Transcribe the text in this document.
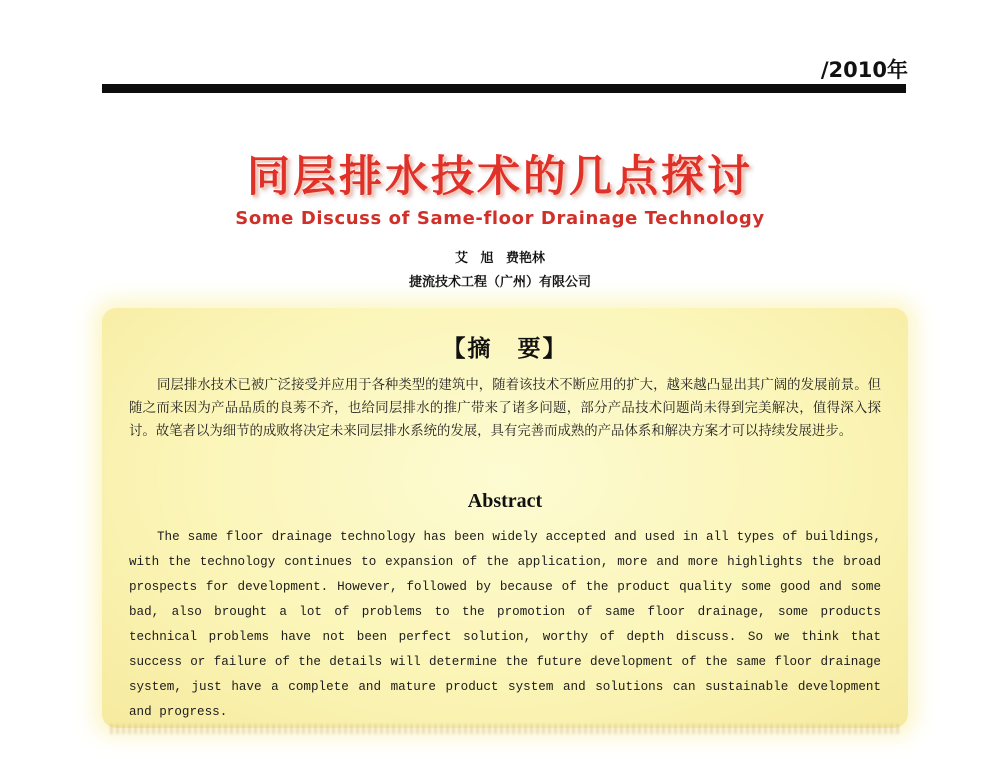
/2010年
同层排水技术的几点探讨
Some Discuss of Same-floor Drainage Technology
艾 旭 费艳林
捷流技术工程（广州）有限公司
【摘　要】

同层排水技术已被广泛接受并应用于各种类型的建筑中，随着该技术不断应用的扩大，越来越凸显出其广阔的发展前景。但随之而来因为产品品质的良莠不齐，也给同层排水的推广带来了诸多问题，部分产品技术问题尚未得到完美解决，值得深入探讨。故笔者以为细节的成败将决定未来同层排水系统的发展，具有完善而成熟的产品体系和解决方案才可以持续发展进步。

Abstract

The same floor drainage technology has been widely accepted and used in all types of buildings, with the technology continues to expansion of the application, more and more highlights the broad prospects for development. However, followed by because of the product quality some good and some bad, also brought a lot of problems to the promotion of same floor drainage, some products technical problems have not been perfect solution, worthy of depth discuss. So we think that success or failure of the details will determine the future development of the same floor drainage system, just have a complete and mature product system and solutions can sustainable development and progress.
